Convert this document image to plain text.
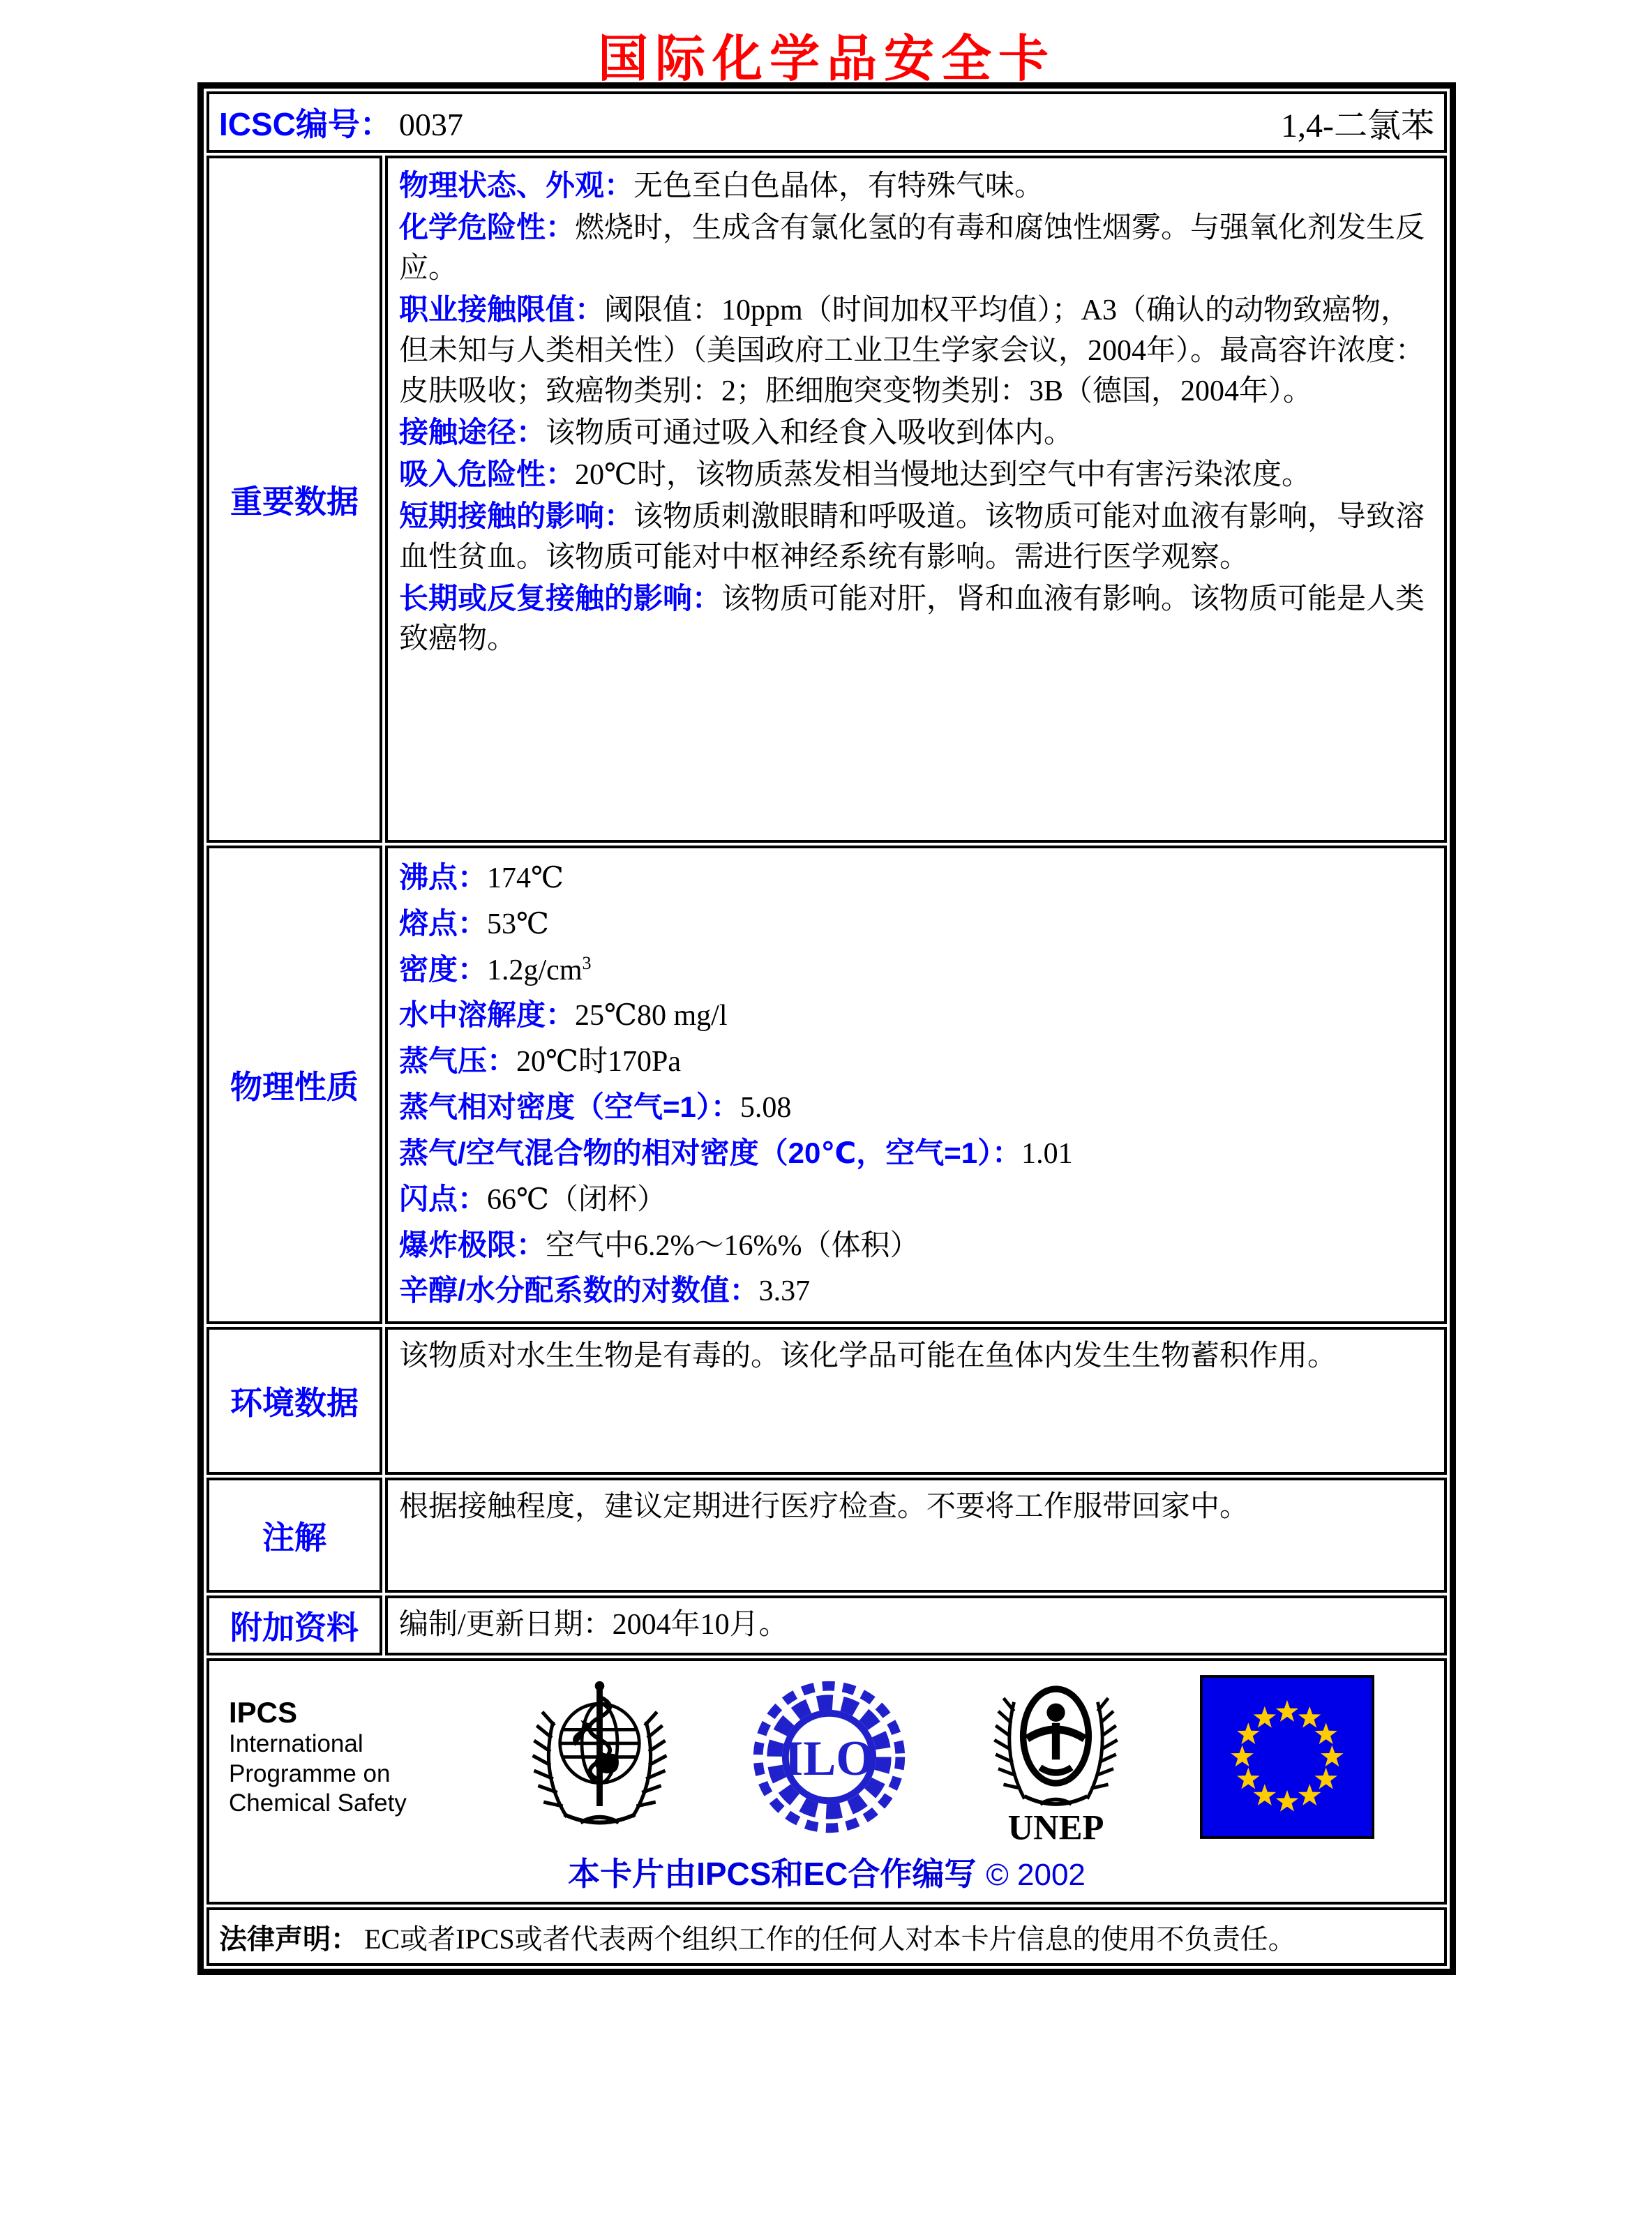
国际化学品安全卡
ICSC编号： 0037	1,4-二氯苯
重要数据

物理状态、外观：无色至白色晶体，有特殊气味。

化学危险性：燃烧时，生成含有氯化氢的有毒和腐蚀性烟雾。与强氧化剂发生反应。

职业接触限值：阈限值：10ppm（时间加权平均值）；A3（确认的动物致癌物，但未知与人类相关性）（美国政府工业卫生学家会议，2004年）。最高容许浓度：皮肤吸收；致癌物类别：2；胚细胞突变物类别：3B（德国，2004年）。

接触途径：该物质可通过吸入和经食入吸收到体内。

吸入危险性：20℃时，该物质蒸发相当慢地达到空气中有害污染浓度。

短期接触的影响：该物质刺激眼睛和呼吸道。该物质可能对血液有影响，导致溶血性贫血。该物质可能对中枢神经系统有影响。需进行医学观察。

长期或反复接触的影响：该物质可能对肝，肾和血液有影响。该物质可能是人类致癌物。

物理性质

沸点：174℃

熔点：53℃

密度：$1.2g/cm^3$

水中溶解度：25℃80 mg/l

蒸气压：20℃时170Pa

蒸气相对密度（空气=1）：5.08

蒸气/空气混合物的相对密度（20℃，空气=1）：1.01

闪点：66℃（闭杯）

爆炸极限：空气中6.2%～16%%（体积）

辛醇/水分配系数的对数值：3.37

环境数据

该物质对水生生物是有毒的。该化学品可能在鱼体内发生生物蓄积作用。

注解

根据接触程度，建议定期进行医疗检查。不要将工作服带回家中。

附加资料	编制/更新日期：2004年10月。

IPCS
International
Programme on
Chemical Safety
ILO
UNEP
本卡片由IPCS和EC合作编写 © 2002
法律声明： EC或者IPCS或者代表两个组织工作的任何人对本卡片信息的使用不负责任。
